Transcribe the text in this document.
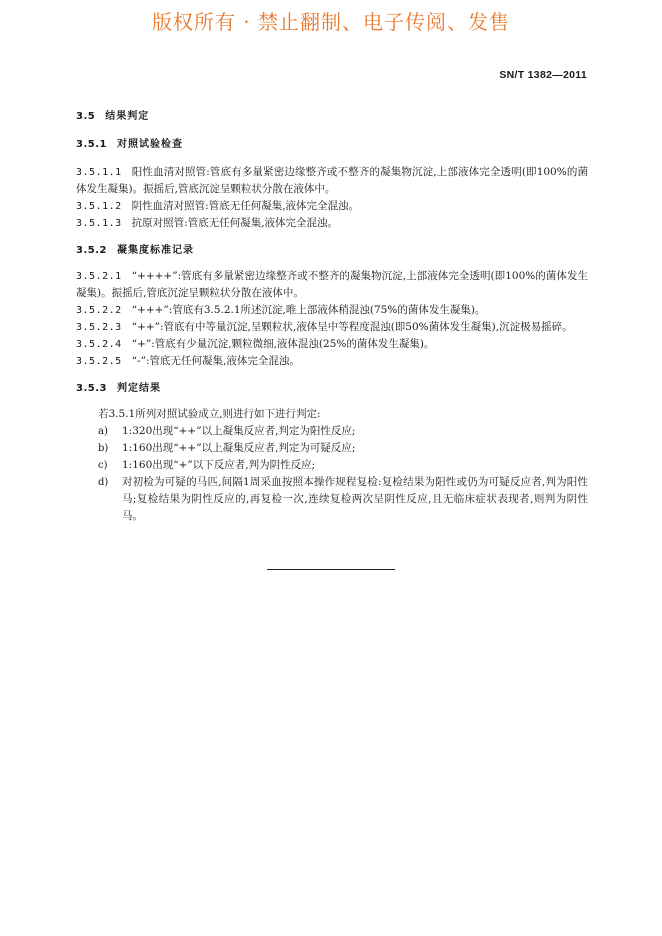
版权所有 · 禁止翻制、电子传阅、发售
SN/T 1382—2011
3.5 结果判定
3.5.1 对照试验检查
3.5.1.1 阳性血清对照管:管底有多量紧密边缘整齐或不整齐的凝集物沉淀,上部液体完全透明(即100%的菌体发生凝集)。振摇后,管底沉淀呈颗粒状分散在液体中。
3.5.1.2 阴性血清对照管:管底无任何凝集,液体完全混浊。
3.5.1.3 抗原对照管:管底无任何凝集,液体完全混浊。
3.5.2 凝集度标准记录
3.5.2.1 “++++”:管底有多量紧密边缘整齐或不整齐的凝集物沉淀,上部液体完全透明(即100%的菌体发生凝集)。振摇后,管底沉淀呈颗粒状分散在液体中。
3.5.2.2 “+++”:管底有3.5.2.1所述沉淀,唯上部液体稍混浊(75%的菌体发生凝集)。
3.5.2.3 “++”:管底有中等量沉淀,呈颗粒状,液体呈中等程度混浊(即50%菌体发生凝集),沉淀极易摇碎。
3.5.2.4 “+”:管底有少量沉淀,颗粒微细,液体混浊(25%的菌体发生凝集)。
3.5.2.5 “-”:管底无任何凝集,液体完全混浊。
3.5.3 判定结果
若3.5.1所列对照试验成立,则进行如下进行判定:
a) 1:320出现“++”以上凝集反应者,判定为阳性反应;
b) 1:160出现“++”以上凝集反应者,判定为可疑反应;
c) 1:160出现“+”以下反应者,判为阴性反应;
d) 对初检为可疑的马匹,间隔1周采血按照本操作规程复检:复检结果为阳性或仍为可疑反应者,判为阳性马;复检结果为阴性反应的,再复检一次,连续复检两次呈阴性反应,且无临床症状表现者,则判为阴性马。
